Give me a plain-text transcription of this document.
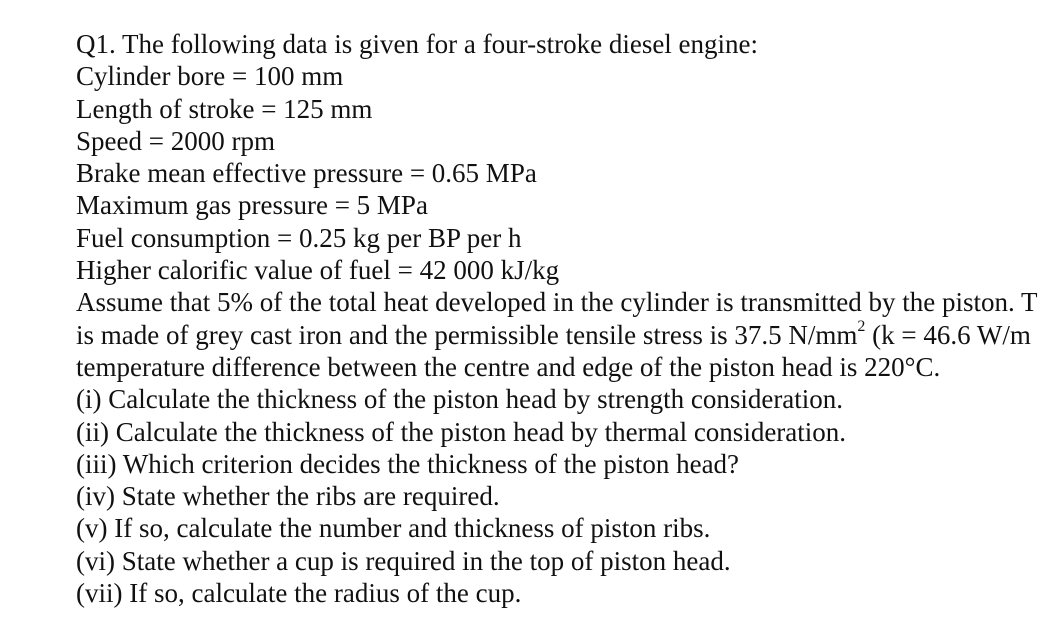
Q1. The following data is given for a four-stroke diesel engine:
Cylinder bore = 100 mm
Length of stroke = 125 mm
Speed = 2000 rpm
Brake mean effective pressure = 0.65 MPa
Maximum gas pressure = 5 MPa
Fuel consumption = 0.25 kg per BP per h
Higher calorific value of fuel = 42 000 kJ/kg
Assume that 5% of the total heat developed in the cylinder is transmitted by the piston. T
is made of grey cast iron and the permissible tensile stress is 37.5 $N/mm^2$ (k = 46.6 W/m
temperature difference between the centre and edge of the piston head is 220°C.
(i) Calculate the thickness of the piston head by strength consideration.
(ii) Calculate the thickness of the piston head by thermal consideration.
(iii) Which criterion decides the thickness of the piston head?
(iv) State whether the ribs are required.
(v) If so, calculate the number and thickness of piston ribs.
(vi) State whether a cup is required in the top of piston head.
(vii) If so, calculate the radius of the cup.
